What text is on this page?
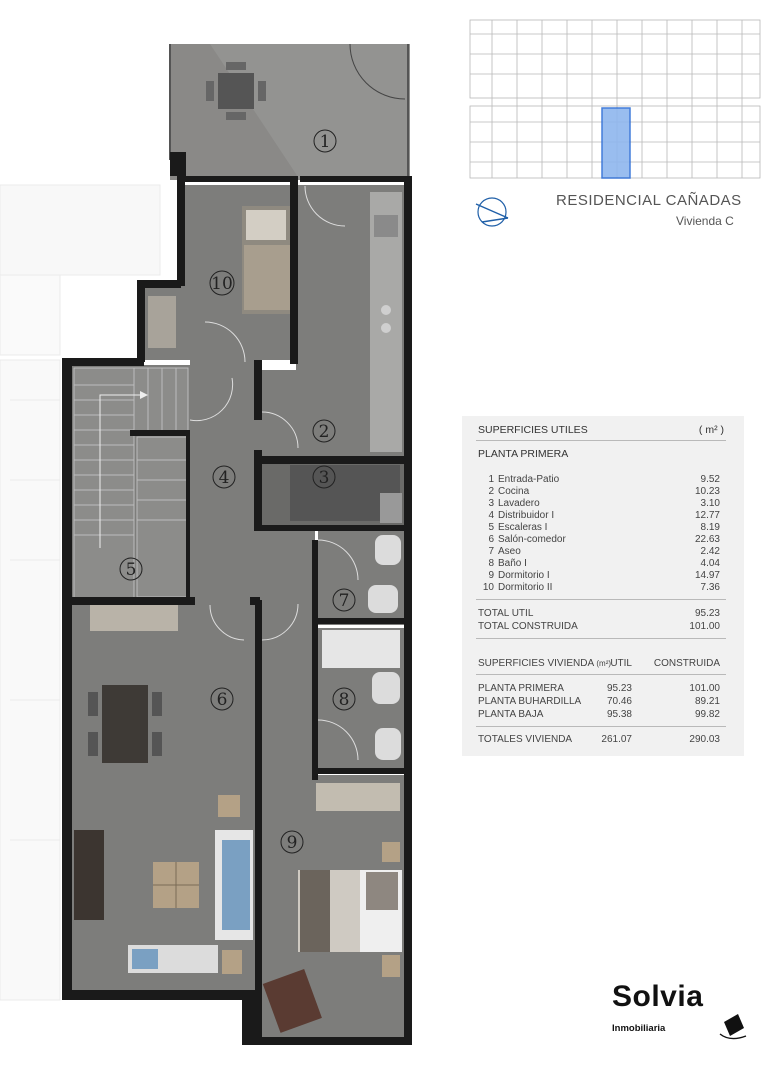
1
2
3
4
5
6
7
8
9
10
RESIDENCIAL CAÑADAS
Vivienda C
SUPERFICIES UTILES	( m² )
PLANTA PRIMERA
1 Entrada-Patio	9.52
2 Cocina	10.23
3 Lavadero	3.10
4 Distribuidor I	12.77
5 Escaleras I	8.19
6 Salón-comedor	22.63
7 Aseo	2.42
8 Baño I	4.04
9 Dormitorio I	14.97
10 Dormitorio II	7.36
TOTAL UTIL	95.23
TOTAL CONSTRUIDA	101.00
SUPERFICIES VIVIENDA (m²) UTIL	CONSTRUIDA
PLANTA PRIMERA	95.23	101.00
PLANTA BUHARDILLA	70.46	89.21
PLANTA BAJA	95.38	99.82
TOTALES VIVIENDA	261.07	290.03
Solvia
Inmobiliaria
